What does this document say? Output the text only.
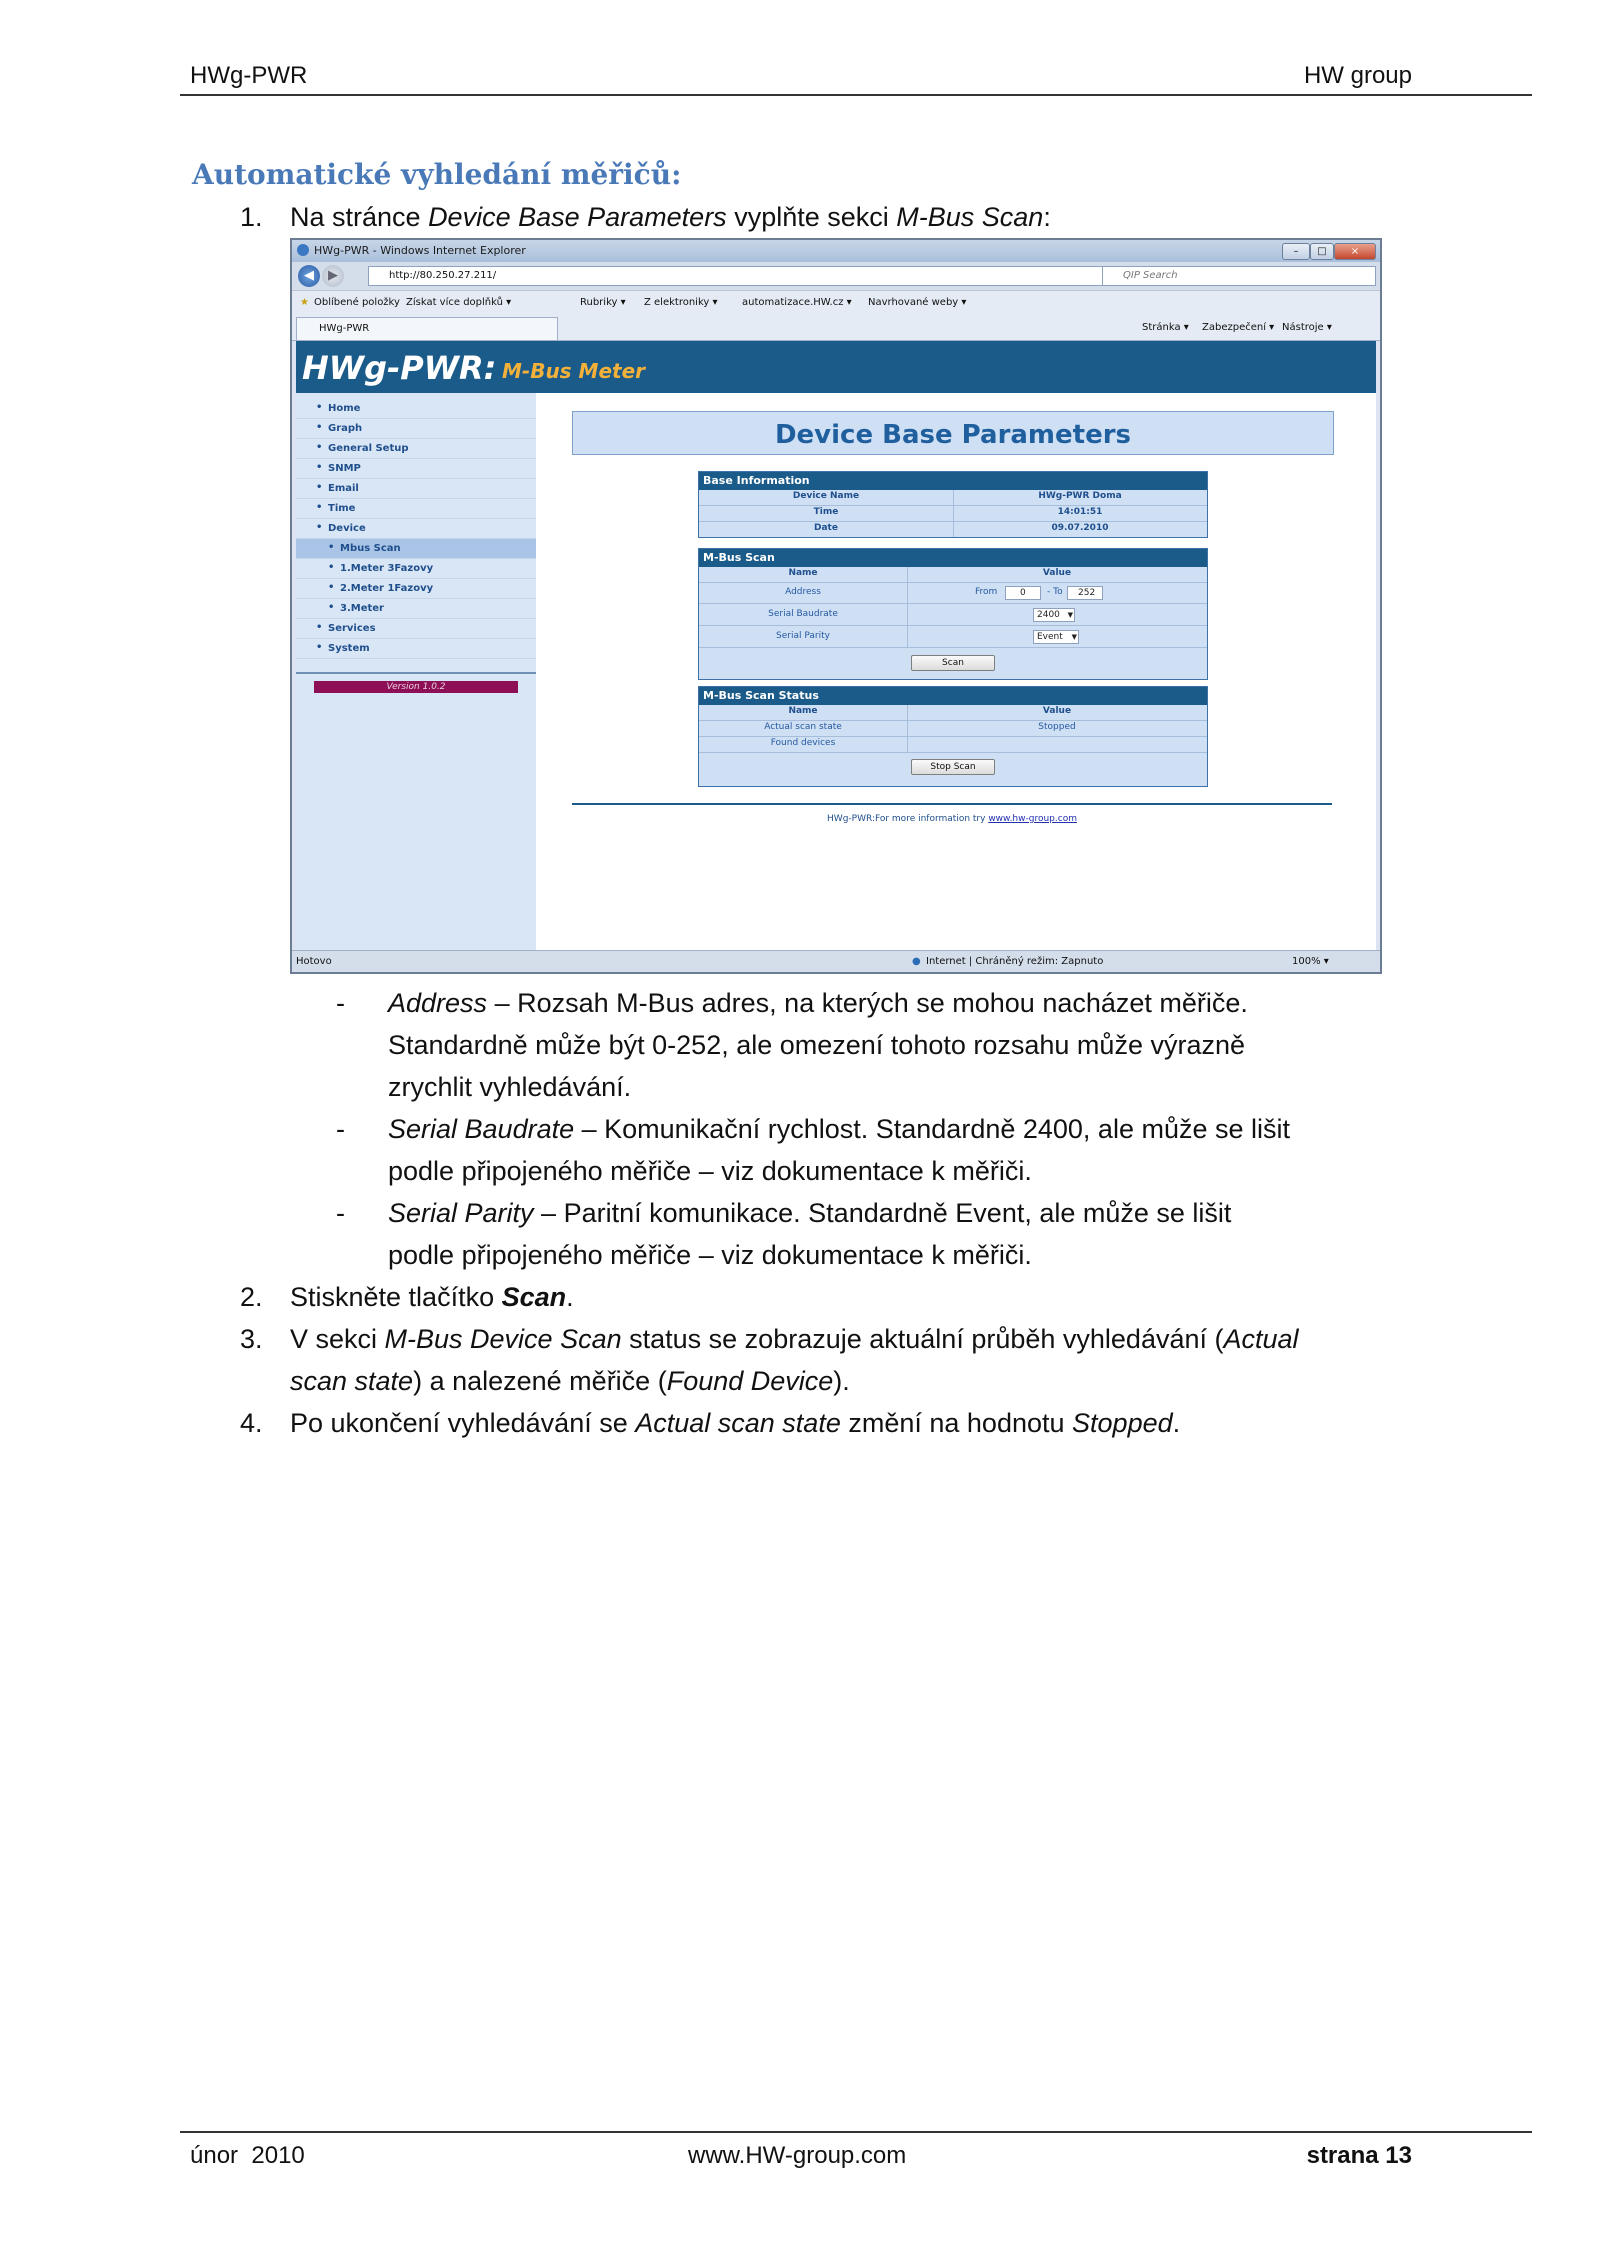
HWg-PWR	HW group
Automatické vyhledání měřičů:
1.	Na stránce Device Base Parameters vyplňte sekci M-Bus Scan:
HWg-PWR - Windows Internet Explorer	–	□	×
◀	▶	http://80.250.27.211/	QIP Search
★ Oblíbené položky Získat více doplňků ▾	Rubriky ▾ Z elektroniky ▾ automatizace.HW.cz ▾ Navrhované weby ▾
HWg-PWR	Stránka ▾ Zabezpečení ▾ Nástroje ▾
HWg-PWR: M-Bus Meter
• Home
• Graph
• General Setup
• SNMP
• Email
• Time
• Device
• Mbus Scan
• 1.Meter 3Fazovy
• 2.Meter 1Fazovy
• 3.Meter
• Services
• System
Version 1.0.2
Device Base Parameters
Base Information
Device Name	HWg-PWR Doma
Time	14:01:51
Date	09.07.2010
M-Bus Scan
Name	Value
Address	From	0 - To 252
Serial Baudrate	2400 ▼
Serial Parity	Event ▼
Scan
M-Bus Scan Status
Name	Value
Actual scan state	Stopped
Found devices
Stop Scan
HWg-PWR:For more information try www.hw-group.com
Hotovo	● Internet | Chráněný režim: Zapnuto	100% ▾
- Address – Rozsah M-Bus adres, na kterých se mohou nacházet měřiče.
Standardně může být 0-252, ale omezení tohoto rozsahu může výrazně
zrychlit vyhledávání.
- Serial Baudrate – Komunikační rychlost. Standardně 2400, ale může se lišit
podle připojeného měřiče – viz dokumentace k měřiči.
- Serial Parity – Paritní komunikace. Standardně Event, ale může se lišit
podle připojeného měřiče – viz dokumentace k měřiči.
2.	Stiskněte tlačítko Scan.
3.	V sekci M-Bus Device Scan status se zobrazuje aktuální průběh vyhledávání (Actual
scan state) a nalezené měřiče (Found Device).
4.	Po ukončení vyhledávání se Actual scan state změní na hodnotu Stopped.
únor  2010	www.HW-group.com	strana 13
